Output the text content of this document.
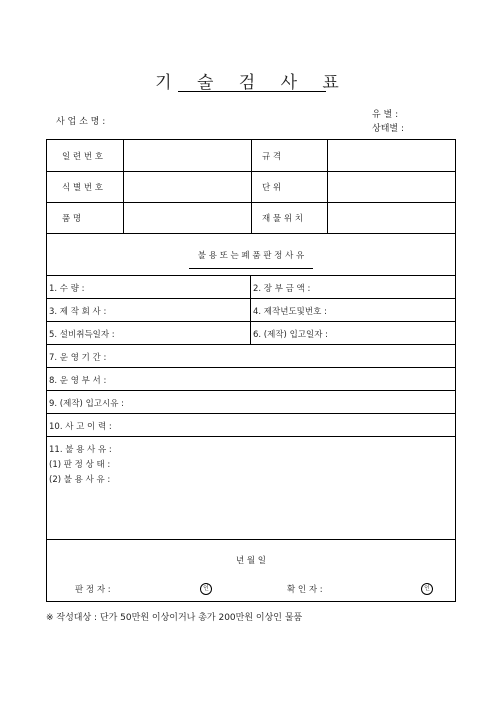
기 술 검 사 표
사 업 소 명 :
유 별 :
상태별 :
일 련 번 호	규 격
식 별 번 호	단 위
품 명	재 물 위 치
불 용 또 는 폐 품 판 정 사 유
1. 수 량 :	2. 장 부 금 액 :
3. 제 작 회 사 :	4. 제작년도및번호 :
5. 설비취득일자 :	6. (제작) 입고일자 :
7. 운 영 기 간 :
8. 운 영 부 서 :
9. (제작) 입고시유 :
10. 사 고 이 력 :
11. 불 용 사 유 :
(1) 판 정 상 태 :
(2) 불 용 사 유 :
년 월 일
판 정 자 :	인	확 인 자 :	인
※ 작성대상 : 단가 50만원 이상이거나 총가 200만원 이상인 물품
